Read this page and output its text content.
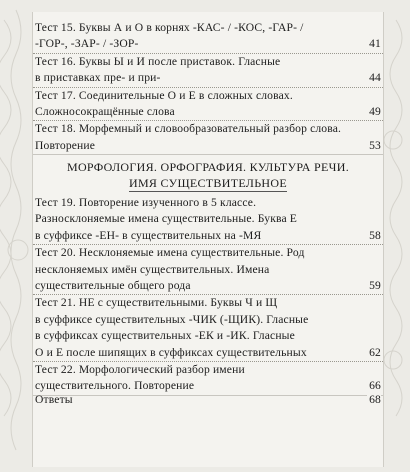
Тест 15. Буквы А и О в корнях -КАС- / -КОС, -ГАР- /
-ГОР-, -ЗАР- / -ЗОР-	41
Тест 16. Буквы Ы и И после приставок. Гласные
в приставках пре- и при-	44
Тест 17. Соединительные О и Е в сложных словах.
Сложносокращённые слова	49
Тест 18. Морфемный и словообразовательный разбор слова.
Повторение	53
МОРФОЛОГИЯ. ОРФОГРАФИЯ. КУЛЬТУРА РЕЧИ.
ИМЯ СУЩЕСТВИТЕЛЬНОЕ
Тест 19. Повторение изученного в 5 классе.
Разносклоняемые имена существительные. Буква Е
в суффиксе -ЕН- в существительных на -МЯ	58
Тест 20. Несклоняемые имена существительные. Род
несклоняемых имён существительных. Имена
существительные общего рода	59
Тест 21. НЕ с существительными. Буквы Ч и Щ
в суффиксе существительных -ЧИК (-ЩИК). Гласные
в суффиксах существительных -ЕК и -ИК. Гласные
О и Е после шипящих в суффиксах существительных	62
Тест 22. Морфологический разбор имени
существительного. Повторение	66
Ответы	68
